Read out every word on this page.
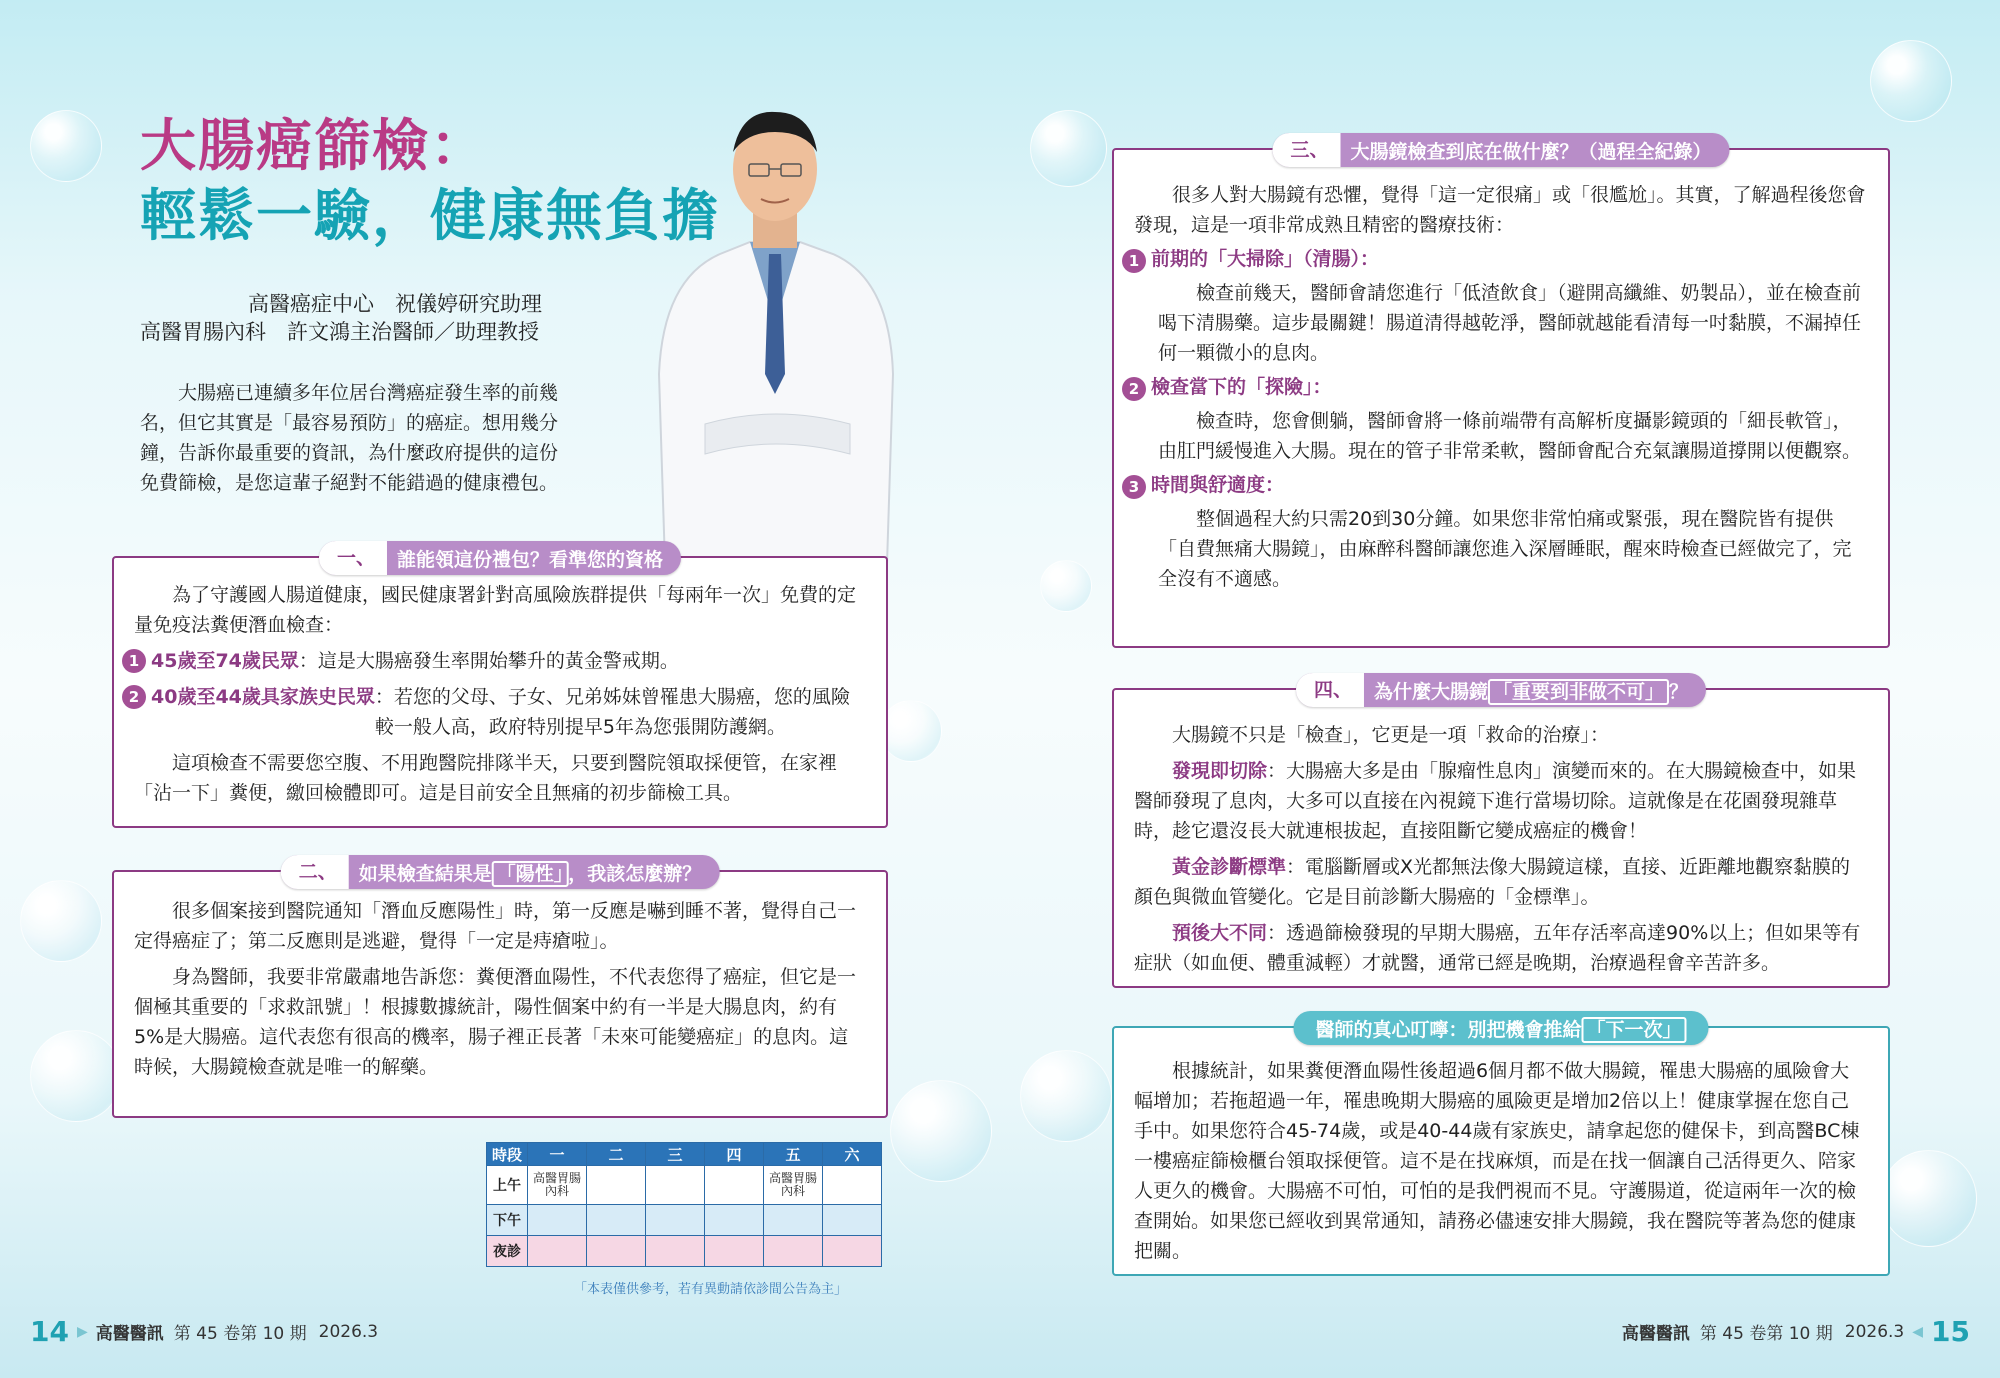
大腸癌篩檢：
輕鬆一驗，健康無負擔

高醫癌症中心　祝儀婷研究助理

高醫胃腸內科　許文鴻主治醫師／助理教授

大腸癌已連續多年位居台灣癌症發生率的前幾名，但它其實是「最容易預防」的癌症。想用幾分鐘，告訴你最重要的資訊，為什麼政府提供的這份免費篩檢，是您這輩子絕對不能錯過的健康禮包。

一、	誰能領這份禮包？看準您的資格

為了守護國人腸道健康，國民健康署針對高風險族群提供「每兩年一次」免費的定量免疫法糞便潛血檢查：

1 45歲至74歲民眾：這是大腸癌發生率開始攀升的黃金警戒期。
2 40歲至44歲具家族史民眾 ：若您的父母、子女、兄弟姊妹曾罹患大腸癌，您的風險較一般人高，政府特別提早5年為您張開防護網。

這項檢查不需要您空腹、不用跑醫院排隊半天，只要到醫院領取採便管，在家裡「沾一下」糞便，繳回檢體即可。這是目前安全且無痛的初步篩檢工具。

二、	如果檢查結果是 「陽性」 ，我該怎麼辦？

很多個案接到醫院通知「潛血反應陽性」時，第一反應是嚇到睡不著，覺得自己一定得癌症了；第二反應則是逃避，覺得「一定是痔瘡啦」。

身為醫師，我要非常嚴肅地告訴您：糞便潛血陽性，不代表您得了癌症，但它是一個極其重要的「求救訊號」！根據數據統計，陽性個案中約有一半是大腸息肉，約有5%是大腸癌。這代表您有很高的機率，腸子裡正長著「未來可能變癌症」的息肉。這時候，大腸鏡檢查就是唯一的解藥。

時段	一	二	三	四	五	六
上午	高醫胃腸內科				高醫胃腸內科	
下午						
夜診						
「本表僅供參考，若有異動請依診間公告為主」
14 ▶ 高醫醫訊 第 45 卷第 10 期 2026.3
三、	大腸鏡檢查到底在做什麼？（過程全紀錄）

很多人對大腸鏡有恐懼，覺得「這一定很痛」或「很尷尬」。其實，了解過程後您會發現，這是一項非常成熟且精密的醫療技術：

1 前期的「大掃除」（清腸）：

檢查前幾天，醫師會請您進行「低渣飲食」（避開高纖維、奶製品），並在檢查前喝下清腸藥。這步最關鍵！腸道清得越乾淨，醫師就越能看清每一吋黏膜，不漏掉任何一顆微小的息肉。

2 檢查當下的「探險」：

檢查時，您會側躺，醫師會將一條前端帶有高解析度攝影鏡頭的「細長軟管」，由肛門緩慢進入大腸。現在的管子非常柔軟，醫師會配合充氣讓腸道撐開以便觀察。

3 時間與舒適度：

整個過程大約只需20到30分鐘。如果您非常怕痛或緊張，現在醫院皆有提供「自費無痛大腸鏡」，由麻醉科醫師讓您進入深層睡眠，醒來時檢查已經做完了，完全沒有不適感。

四、	為什麼大腸鏡 「重要到非做不可」 ？

大腸鏡不只是「檢查」，它更是一項「救命的治療」：

發現即切除：大腸癌大多是由「腺瘤性息肉」演變而來的。在大腸鏡檢查中，如果醫師發現了息肉，大多可以直接在內視鏡下進行當場切除。這就像是在花園發現雜草時，趁它還沒長大就連根拔起，直接阻斷它變成癌症的機會！

黃金診斷標準：電腦斷層或X光都無法像大腸鏡這樣，直接、近距離地觀察黏膜的顏色與微血管變化。它是目前診斷大腸癌的「金標準」。

預後大不同：透過篩檢發現的早期大腸癌，五年存活率高達90%以上；但如果等有症狀（如血便、體重減輕）才就醫，通常已經是晚期，治療過程會辛苦許多。

醫師的真心叮嚀：別把機會推給 「下一次」

根據統計，如果糞便潛血陽性後超過6個月都不做大腸鏡，罹患大腸癌的風險會大幅增加；若拖超過一年，罹患晚期大腸癌的風險更是增加2倍以上！健康掌握在您自己手中。如果您符合45-74歲，或是40-44歲有家族史，請拿起您的健保卡，到高醫BC棟一樓癌症篩檢櫃台領取採便管。這不是在找麻煩，而是在找一個讓自己活得更久、陪家人更久的機會。大腸癌不可怕，可怕的是我們視而不見。守護腸道，從這兩年一次的檢查開始。如果您已經收到異常通知，請務必儘速安排大腸鏡，我在醫院等著為您的健康把關。

高醫醫訊 第 45 卷第 10 期 2026.3 ◀ 15
